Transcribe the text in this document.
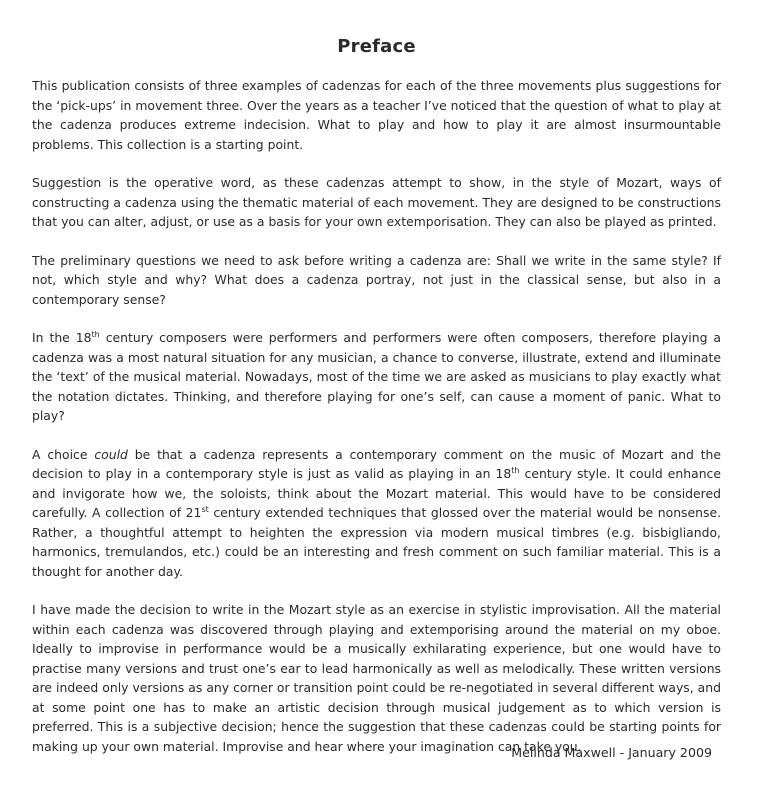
Preface

This publication consists of three examples of cadenzas for each of the three movements plus suggestions for the ‘pick-ups’ in movement three. Over the years as a teacher I’ve noticed that the question of what to play at the cadenza produces extreme indecision. What to play and how to play it are almost insurmountable problems. This collection is a starting point.

Suggestion is the operative word, as these cadenzas attempt to show, in the style of Mozart, ways of constructing a cadenza using the thematic material of each movement. They are designed to be constructions that you can alter, adjust, or use as a basis for your own extemporisation. They can also be played as printed.

The preliminary questions we need to ask before writing a cadenza are: Shall we write in the same style? If not, which style and why? What does a cadenza portray, not just in the classical sense, but also in a contemporary sense?

In the 18th century composers were performers and performers were often composers, therefore playing a cadenza was a most natural situation for any musician, a chance to converse, illustrate, extend and illuminate the ‘text’ of the musical material. Nowadays, most of the time we are asked as musicians to play exactly what the notation dictates. Thinking, and therefore playing for one’s self, can cause a moment of panic. What to play?

A choice could be that a cadenza represents a contemporary comment on the music of Mozart and the decision to play in a contemporary style is just as valid as playing in an 18th century style. It could enhance and invigorate how we, the soloists, think about the Mozart material. This would have to be considered carefully. A collection of 21st century extended techniques that glossed over the material would be nonsense. Rather, a thoughtful attempt to heighten the expression via modern musical timbres (e.g. bisbigliando, harmonics, tremulandos, etc.) could be an interesting and fresh comment on such familiar material. This is a thought for another day.

I have made the decision to write in the Mozart style as an exercise in stylistic improvisation. All the material within each cadenza was discovered through playing and extemporising around the material on my oboe. Ideally to improvise in performance would be a musically exhilarating experience, but one would have to practise many versions and trust one’s ear to lead harmonically as well as melodically. These written versions are indeed only versions as any corner or transition point could be re-negotiated in several different ways, and at some point one has to make an artistic decision through musical judgement as to which version is preferred. This is a subjective decision; hence the suggestion that these cadenzas could be starting points for making up your own material. Improvise and hear where your imagination can take you.

Melinda Maxwell - January 2009
